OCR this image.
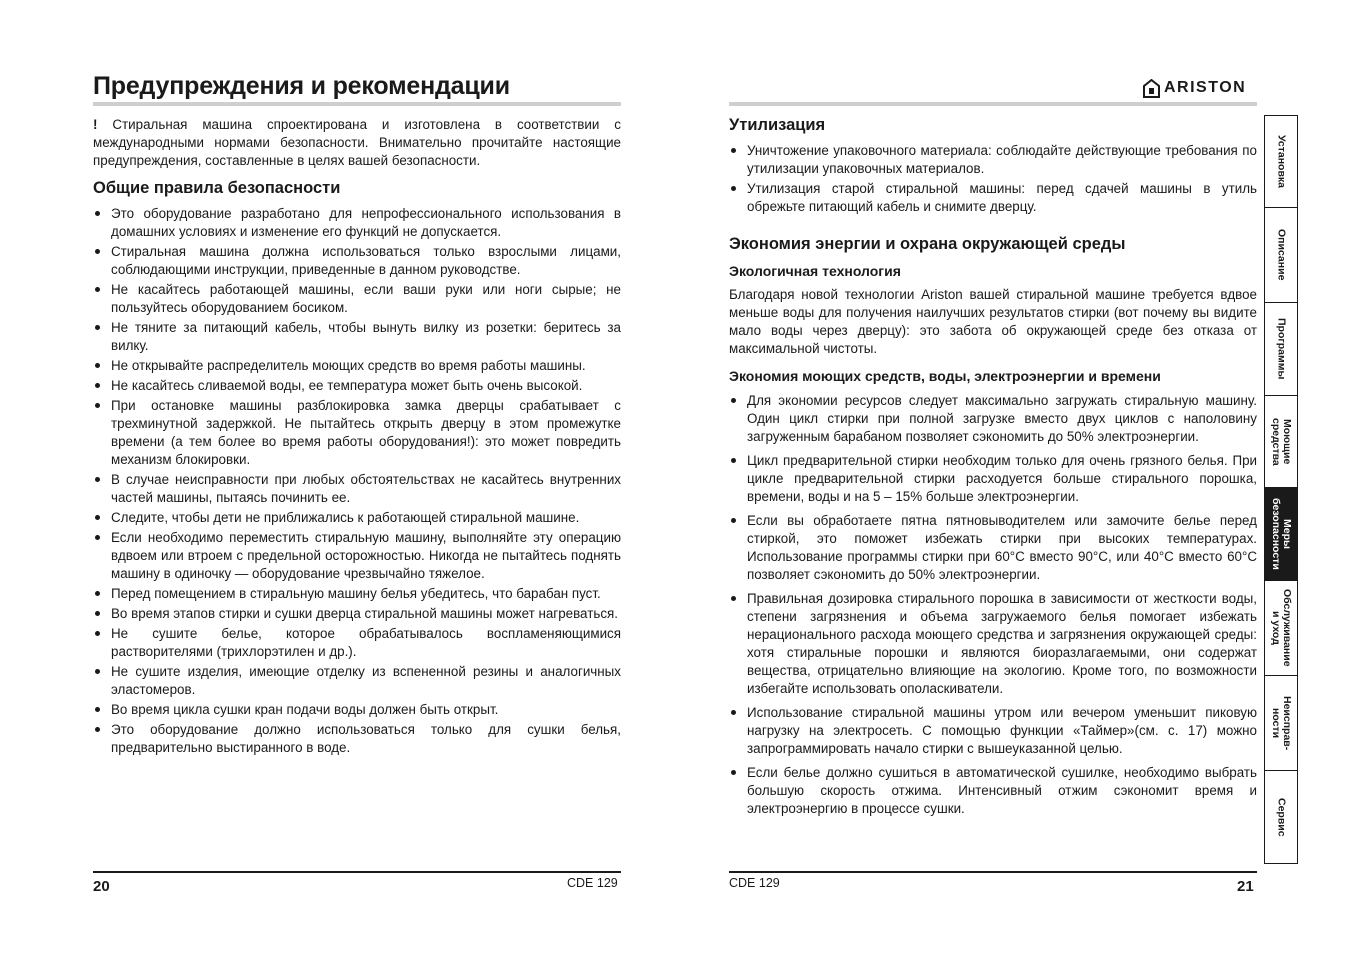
Предупреждения и рекомендации	ARISTON
! Стиральная машина спроектирована и изготовлена в соответствии с международными нормами безопасности. Внимательно прочитайте настоящие предупреждения, составленные в целях вашей безопасности.
Общие правила безопасности
Это оборудование разработано для непрофессионального использования в домашних условиях и изменение его функций не допускается.
Стиральная машина должна использоваться только взрослыми лицами, соблюдающими инструкции, приведенные в данном руководстве.
Не касайтесь работающей машины, если ваши руки или ноги сырые; не пользуйтесь оборудованием босиком.
Не тяните за питающий кабель, чтобы вынуть вилку из розетки: беритесь за вилку.
Не открывайте распределитель моющих средств во время работы машины.
Не касайтесь сливаемой воды, ее температура может быть очень высокой.
При остановке машины разблокировка замка дверцы срабатывает с трехминутной задержкой. Не пытайтесь открыть дверцу в этом промежутке времени (а тем более во время работы оборудования!): это может повредить механизм блокировки.
В случае неисправности при любых обстоятельствах не касайтесь внутренних частей машины, пытаясь починить ее.
Следите, чтобы дети не приближались к работающей стиральной машине.
Если необходимо переместить стиральную машину, выполняйте эту операцию вдвоем или втроем с предельной осторожностью. Никогда не пытайтесь поднять машину в одиночку — оборудование чрезвычайно тяжелое.
Перед помещением в стиральную машину белья убедитесь, что барабан пуст.
Во время этапов стирки и сушки дверца стиральной машины может нагреваться.
Не сушите белье, которое обрабатывалось воспламеняющимися растворителями (трихлорэтилен и др.).
Не сушите изделия, имеющие отделку из вспененной резины и аналогичных эластомеров.
Во время цикла сушки кран подачи воды должен быть открыт.
Это оборудование должно использоваться только для сушки белья, предварительно выстиранного в воде.
Утилизация
Уничтожение упаковочного материала: соблюдайте действующие требования по утилизации упаковочных материалов.
Утилизация старой стиральной машины: перед сдачей машины в утиль обрежьте питающий кабель и снимите дверцу.
Экономия энергии и охрана окружающей среды
Экологичная технология
Благодаря новой технологии Ariston вашей стиральной машине требуется вдвое меньше воды для получения наилучших результатов стирки (вот почему вы видите мало воды через дверцу): это забота об окружающей среде без отказа от максимальной чистоты.
Экономия моющих средств, воды, электроэнергии и времени
Для экономии ресурсов следует максимально загружать стиральную машину. Один цикл стирки при полной загрузке вместо двух циклов с наполовину загруженным барабаном позволяет сэкономить до 50% электроэнергии.
Цикл предварительной стирки необходим только для очень грязного белья. При цикле предварительной стирки расходуется больше стирального порошка, времени, воды и на 5 – 15% больше электроэнергии.
Если вы обработаете пятна пятновыводителем или замочите белье перед стиркой, это поможет избежать стирки при высоких температурах. Использование программы стирки при 60°C вместо 90°C, или 40°C вместо 60°C позволяет сэкономить до 50% электроэнергии.
Правильная дозировка стирального порошка в зависимости от жесткости воды, степени загрязнения и объема загружаемого белья помогает избежать нерационального расхода моющего средства и загрязнения окружающей среды: хотя стиральные порошки и являются биоразлагаемыми, они содержат вещества, отрицательно влияющие на экологию. Кроме того, по возможности избегайте использовать ополаскиватели.
Использование стиральной машины утром или вечером уменьшит пиковую нагрузку на электросеть. С помощью функции «Таймер»(см. с. 17) можно запрограммировать начало стирки с вышеуказанной целью.
Если белье должно сушиться в автоматической сушилке, необходимо выбрать большую скорость отжима. Интенсивный отжим сэкономит время и электроэнергию в процессе сушки.
Установка
Описание
Программы
Моющие
средства
Меры
безопасности
Обслуживание
и уход
Неисправ-
ности
Сервис
20	CDE 129	CDE 129	21
